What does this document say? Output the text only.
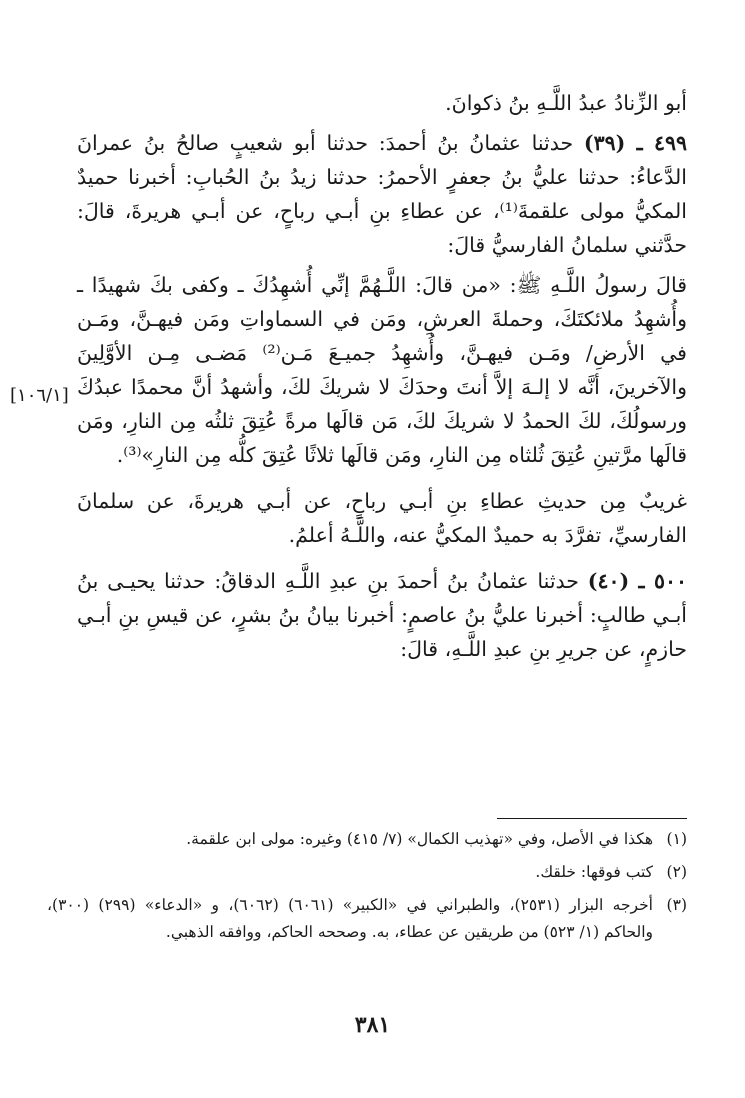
أبو الزِّنادُ عبدُ اللَّـهِ بنُ ذكوانَ.

٤٩٩ ـ (٣٩) حدثنا عثمانُ بنُ أحمدَ: حدثنا أبو شعيبٍ صالحُ بنُ عمرانَ الدَّعاءُ: حدثنا عليُّ بنُ جعفرٍ الأحمرُ: حدثنا زيدُ بنُ الحُبابِ: أخبرنا حميدٌ المكيُّ مولى علقمةَ⁽¹⁾، عن عطاءِ بنِ أبـي رباحٍ، عن أبـي هريرةَ، قالَ: حدَّثني سلمانُ الفارسيُّ قالَ:

قالَ رسولُ اللَّـهِ ﷺ: «من قالَ: اللَّـهُمَّ إنِّي أُشهِدُكَ ـ وكفى بكَ شهيدًا ـ وأُشهِدُ ملائكتَكَ، وحملةَ العرشِ، ومَن في السماواتِ ومَن فيهـنَّ، ومَـن في الأرضِ/ ومَـن فيهـنَّ، وأُشهِدُ جميـعَ مَـن⁽²⁾ مَضـى مِـن الأوَّلِينَ والآخرينَ، أنَّه لا إلـهَ إلاَّ أنتَ وحدَكَ لا شريكَ لكَ، وأشهدُ أنَّ محمدًا عبدُكَ ورسولُكَ، لكَ الحمدُ لا شريكَ لكَ، مَن قالَها مرةً عُتِقَ ثلثُه مِن النارِ، ومَن قالَها مرَّتينِ عُتِقَ ثُلثاه مِن النارِ، ومَن قالَها ثلاثًا عُتِقَ كلُّه مِن النارِ»⁽³⁾.

غريبٌ مِن حديثِ عطاءِ بنِ أبـي رباحٍ، عن أبـي هريرةَ، عن سلمانَ الفارسيِّ، تفرَّدَ به حميدٌ المكيُّ عنه، واللَّـهُ أعلمُ.

٥٠٠ ـ (٤٠) حدثنا عثمانُ بنُ أحمدَ بنِ عبدِ اللَّـهِ الدقاقُ: حدثنا يحيـى بنُ أبـي طالبٍ: أخبرنا عليُّ بنُ عاصمٍ: أخبرنا بيانُ بنُ بشرٍ، عن قيسِ بنِ أبـي حازمٍ، عن جريرِ بنِ عبدِ اللَّـهِ، قالَ:

[١٠٦/١]
(١)
هكذا في الأصل، وفي «تهذيب الكمال» (٧/ ٤١٥) وغيره: مولى ابن علقمة.
(٢)
كتب فوقها: خلقك.
(٣)
أخرجه البزار (٢٥٣١)، والطبراني في «الكبير» (٦٠٦١) (٦٠٦٢)، و «الدعاء» (٢٩٩) (٣٠٠)، والحاكم (١/ ٥٢٣) من طريقين عن عطاء، به. وصححه الحاكم، ووافقه الذهبي.
٣٨١
